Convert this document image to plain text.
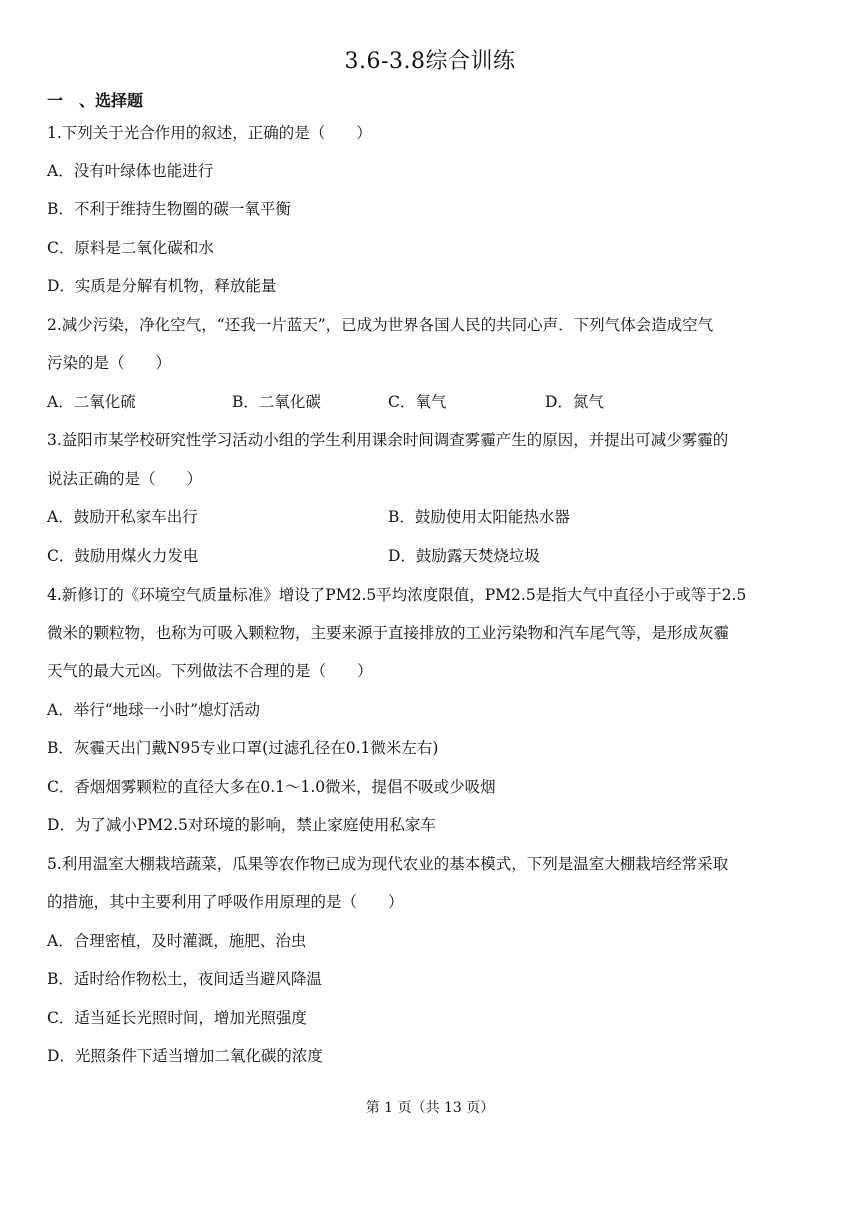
3.6-3.8综合训练
一　、选择题
1.下列关于光合作用的叙述，正确的是（　　）
A．没有叶绿体也能进行
B．不利于维持生物圈的碳一氧平衡
C．原料是二氧化碳和水
D．实质是分解有机物，释放能量
2.减少污染，净化空气，“还我一片蓝天”，已成为世界各国人民的共同心声．下列气体会造成空气
污染的是（　　）
A．二氧化硫	B．二氧化碳	C．氧气	D．氮气
3.益阳市某学校研究性学习活动小组的学生利用课余时间调查雾霾产生的原因，并提出可减少雾霾的
说法正确的是（　　）
A．鼓励开私家车出行	B．鼓励使用太阳能热水器
C．鼓励用煤火力发电	D．鼓励露天焚烧垃圾
4.新修订的《环境空气质量标准》增设了PM2.5平均浓度限值，PM2.5是指大气中直径小于或等于2.5
微米的颗粒物，也称为可吸入颗粒物，主要来源于直接排放的工业污染物和汽车尾气等，是形成灰霾
天气的最大元凶。下列做法不合理的是（　　）
A．举行“地球一小时”熄灯活动
B．灰霾天出门戴N95专业口罩(过滤孔径在0.1微米左右)
C．香烟烟雾颗粒的直径大多在0.1～1.0微米，提倡不吸或少吸烟
D．为了减小PM2.5对环境的影响，禁止家庭使用私家车
5.利用温室大棚栽培蔬菜，瓜果等农作物已成为现代农业的基本模式，下列是温室大棚栽培经常采取
的措施，其中主要利用了呼吸作用原理的是（　　）
A．合理密植，及时灌溉，施肥、治虫
B．适时给作物松土，夜间适当避风降温
C．适当延长光照时间，增加光照强度
D．光照条件下适当增加二氧化碳的浓度
第 1 页（共 13 页）
